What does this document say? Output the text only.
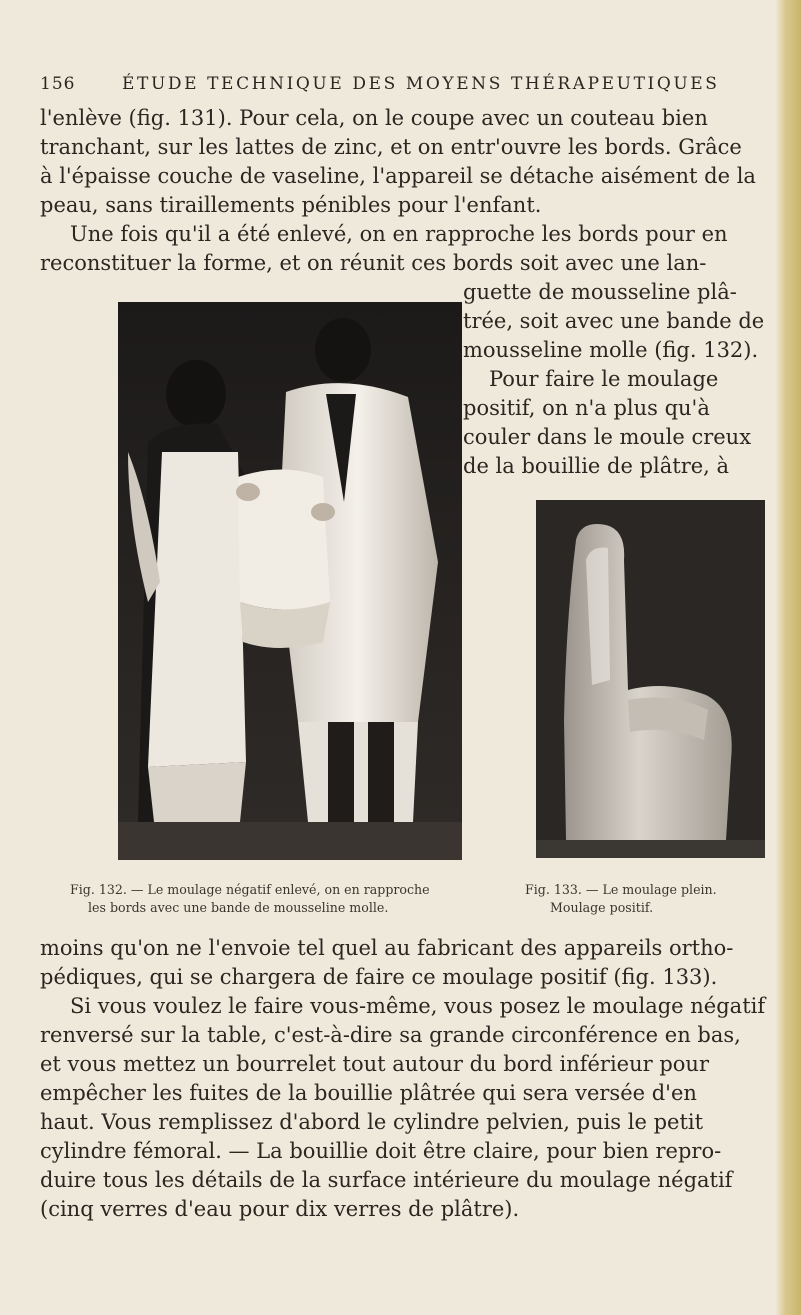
156	ÉTUDE TECHNIQUE DES MOYENS THÉRAPEUTIQUES
l'enlève (fig. 131). Pour cela, on le coupe avec un couteau bien
tranchant, sur les lattes de zinc, et on entr'ouvre les bords. Grâce
à l'épaisse couche de vaseline, l'appareil se détache aisément de la
peau, sans tiraillements pénibles pour l'enfant.
Une fois qu'il a été enlevé, on en rapproche les bords pour en
reconstituer la forme, et on réunit ces bords soit avec une lan-
guette de mousseline plâ-
trée, soit avec une bande de
mousseline molle (fig. 132).
Pour faire le moulage
positif, on n'a plus qu'à
couler dans le moule creux
de la bouillie de plâtre, à
Fig. 132. — Le moulage négatif enlevé, on en rapproche
les bords avec une bande de mousseline molle.
Fig. 133. — Le moulage plein.
Moulage positif.
moins qu'on ne l'envoie tel quel au fabricant des appareils ortho-
pédiques, qui se chargera de faire ce moulage positif (fig. 133).
Si vous voulez le faire vous-même, vous posez le moulage négatif
renversé sur la table, c'est-à-dire sa grande circonférence en bas,
et vous mettez un bourrelet tout autour du bord inférieur pour
empêcher les fuites de la bouillie plâtrée qui sera versée d'en
haut. Vous remplissez d'abord le cylindre pelvien, puis le petit
cylindre fémoral. — La bouillie doit être claire, pour bien repro-
duire tous les détails de la surface intérieure du moulage négatif
(cinq verres d'eau pour dix verres de plâtre).
